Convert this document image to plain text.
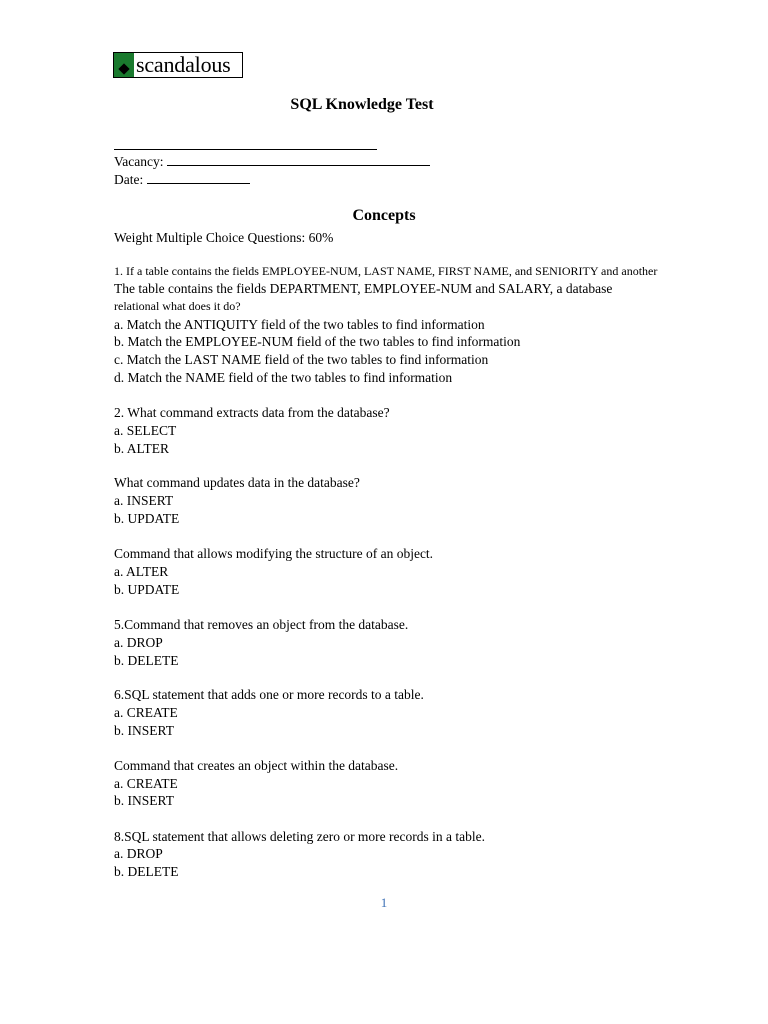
scandalous
SQL Knowledge Test
Vacancy:
Date:
Concepts
Weight Multiple Choice Questions: 60%
1. If a table contains the fields EMPLOYEE-NUM, LAST NAME, FIRST NAME, and SENIORITY and another
The table contains the fields DEPARTMENT, EMPLOYEE-NUM and SALARY, a database
relational what does it do?
a. Match the ANTIQUITY field of the two tables to find information
b. Match the EMPLOYEE-NUM field of the two tables to find information
c. Match the LAST NAME field of the two tables to find information
d. Match the NAME field of the two tables to find information
2. What command extracts data from the database?
a. SELECT
b. ALTER
What command updates data in the database?
a. INSERT
b. UPDATE
Command that allows modifying the structure of an object.
a. ALTER
b. UPDATE
5.Command that removes an object from the database.
a. DROP
b. DELETE
6.SQL statement that adds one or more records to a table.
a. CREATE
b. INSERT
Command that creates an object within the database.
a. CREATE
b. INSERT
8.SQL statement that allows deleting zero or more records in a table.
a. DROP
b. DELETE
1
